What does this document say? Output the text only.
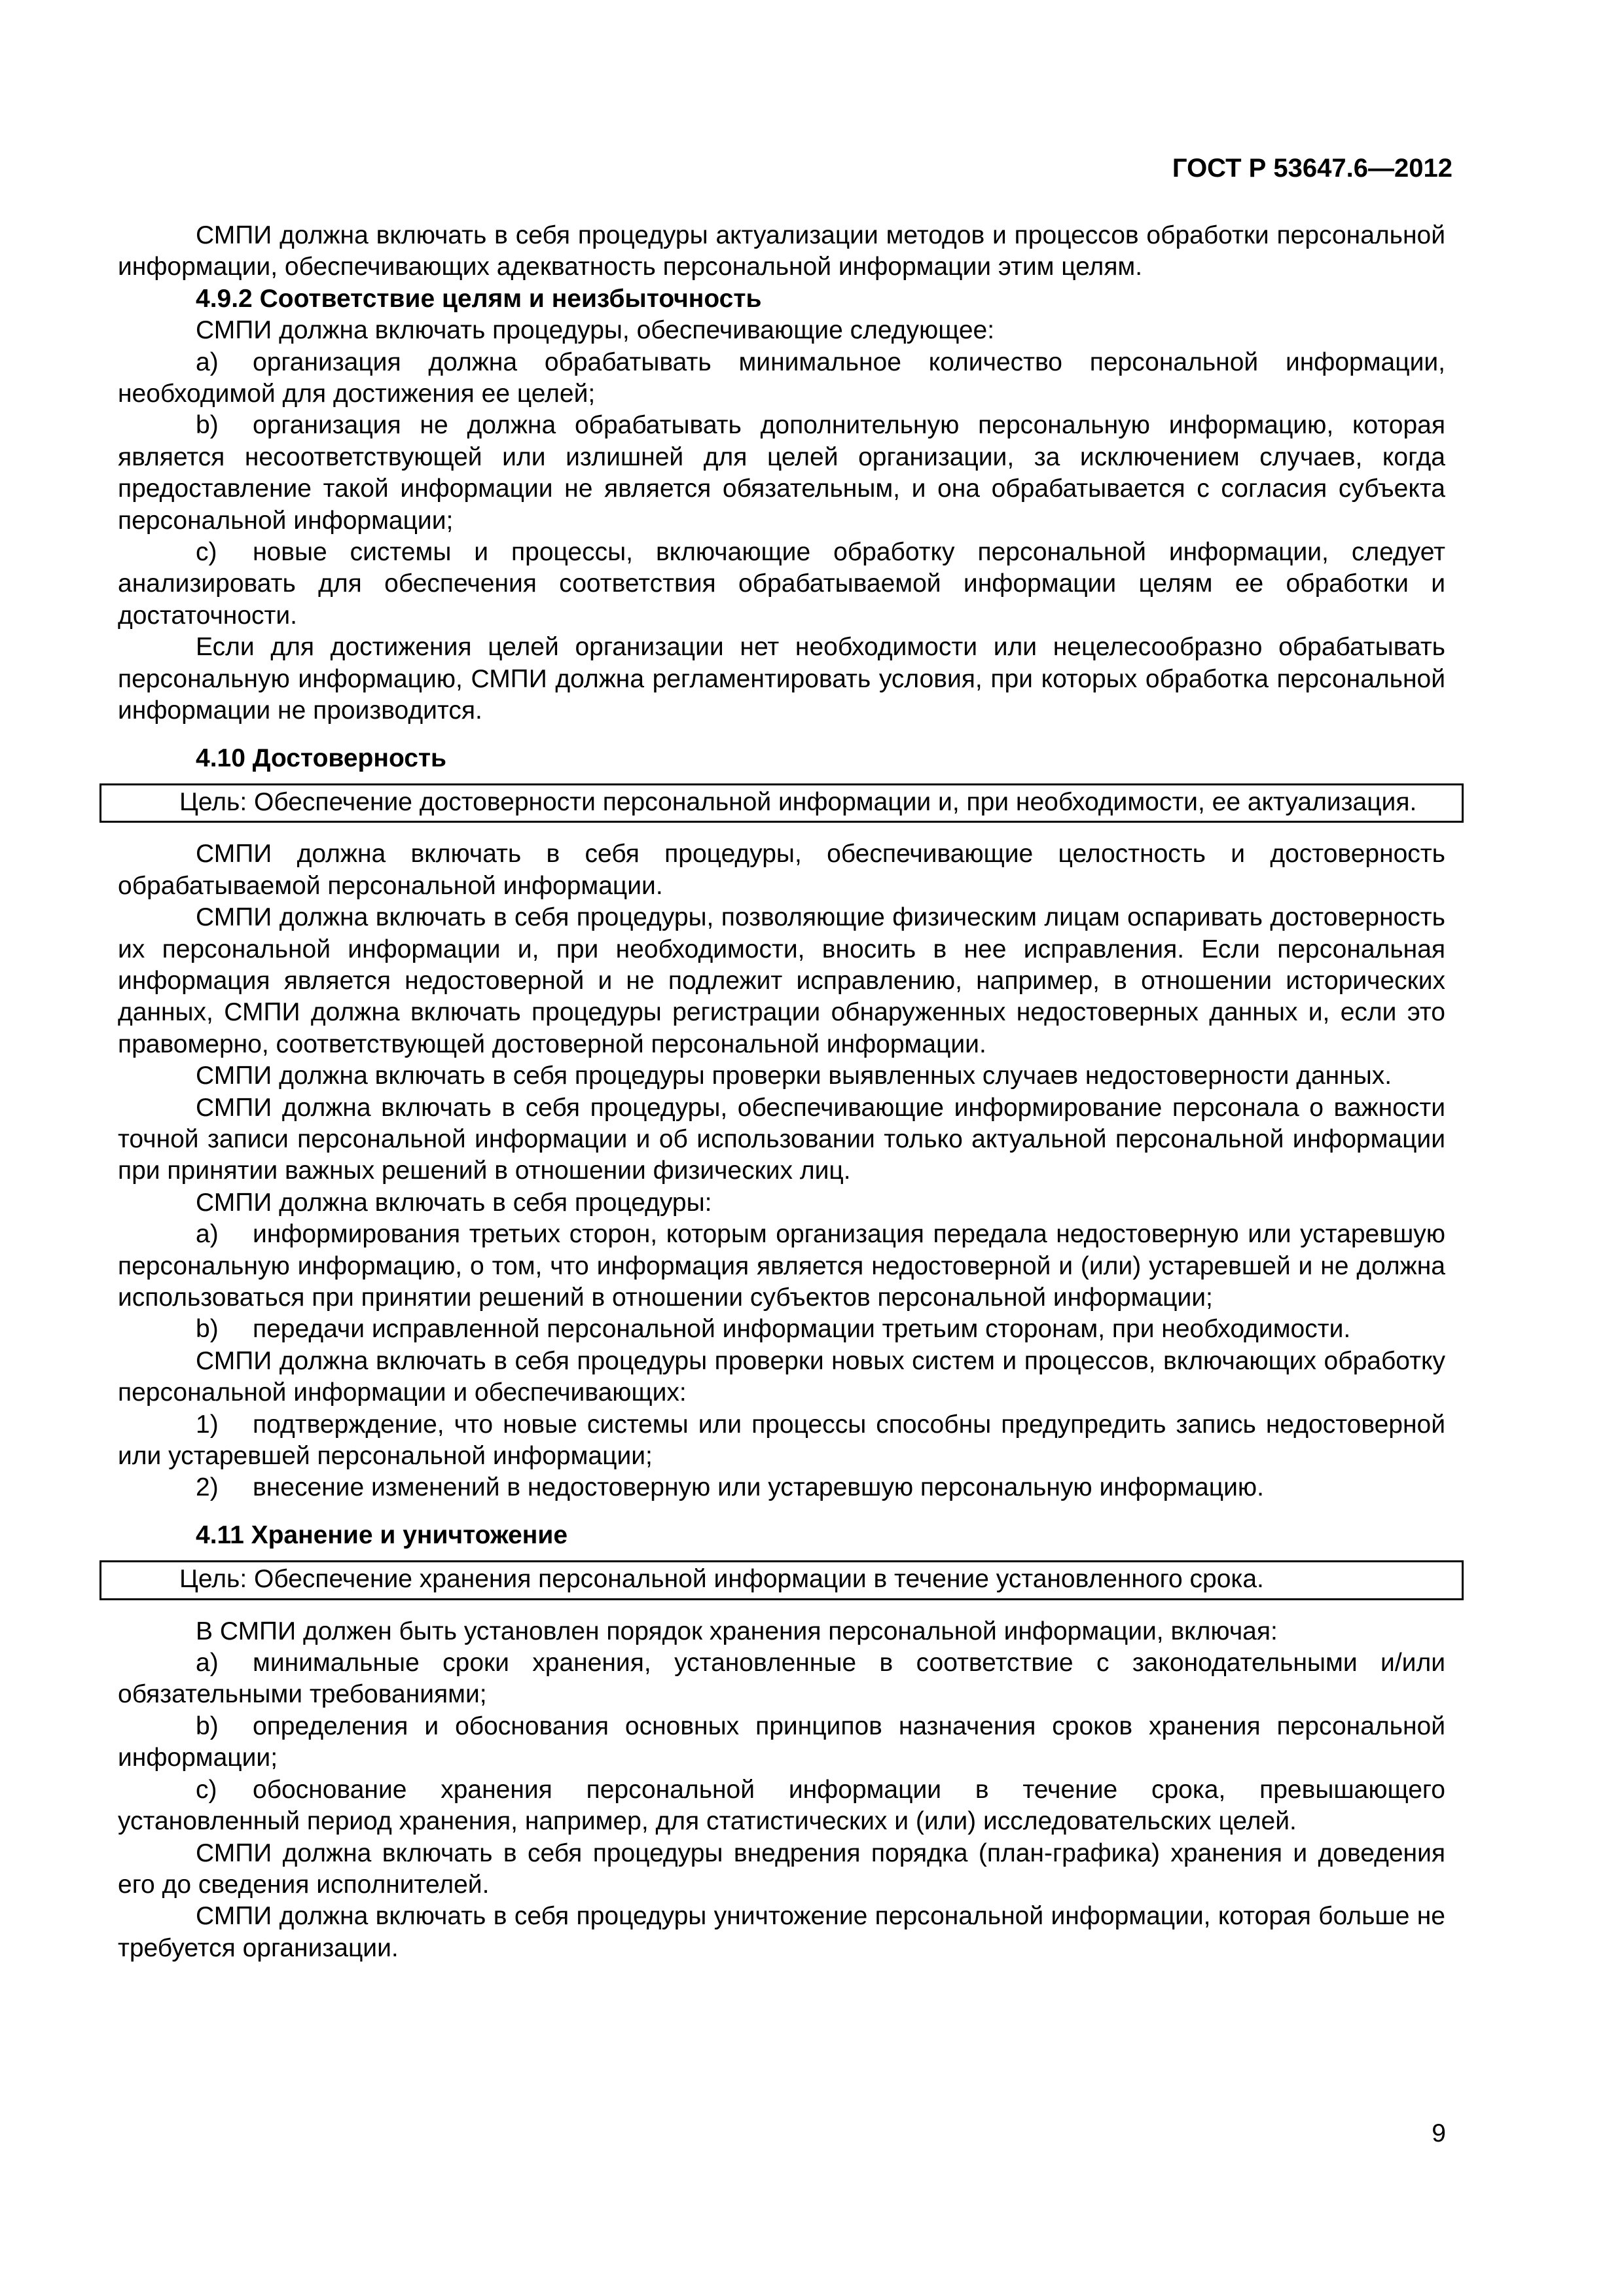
ГОСТ Р 53647.6—2012

СМПИ должна включать в себя процедуры актуализации методов и процессов обработки персональной информации, обеспечивающих адекватность персональной информации этим целям.

4.9.2 Соответствие целям и неизбыточность

СМПИ должна включать процедуры, обеспечивающие следующее:

a) организация должна обрабатывать минимальное количество персональной информации, необходимой для достижения ее целей;

b) организация не должна обрабатывать дополнительную персональную информацию, которая является несоответствующей или излишней для целей организации, за исключением случаев, когда предоставление такой информации не является обязательным, и она обрабатывается с согласия субъекта персональной информации;

c) новые системы и процессы, включающие обработку персональной информации, следует анализировать для обеспечения соответствия обрабатываемой информации целям ее обработки и достаточности.

Если для достижения целей организации нет необходимости или нецелесообразно обрабатывать персональную информацию, СМПИ должна регламентировать условия, при которых обработка персональной информации не производится.

4.10 Достоверность

Цель: Обеспечение достоверности персональной информации и, при необходимости, ее актуализация.

СМПИ должна включать в себя процедуры, обеспечивающие целостность и достоверность обрабатываемой персональной информации.

СМПИ должна включать в себя процедуры, позволяющие физическим лицам оспаривать достоверность их персональной информации и, при необходимости, вносить в нее исправления. Если персональная информация является недостоверной и не подлежит исправлению, например, в отношении исторических данных, СМПИ должна включать процедуры регистрации обнаруженных недостоверных данных и, если это правомерно, соответствующей достоверной персональной информации.

СМПИ должна включать в себя процедуры проверки выявленных случаев недостоверности данных.

СМПИ должна включать в себя процедуры, обеспечивающие информирование персонала о важности точной записи персональной информации и об использовании только актуальной персональной информации при принятии важных решений в отношении физических лиц.

СМПИ должна включать в себя процедуры:

a) информирования третьих сторон, которым организация передала недостоверную или устаревшую персональную информацию, о том, что информация является недостоверной и (или) устаревшей и не должна использоваться при принятии решений в отношении субъектов персональной информации;

b) передачи исправленной персональной информации третьим сторонам, при необходимости.

СМПИ должна включать в себя процедуры проверки новых систем и процессов, включающих обработку персональной информации и обеспечивающих:

1) подтверждение, что новые системы или процессы способны предупредить запись недостоверной или устаревшей персональной информации;

2) внесение изменений в недостоверную или устаревшую персональную информацию.

4.11 Хранение и уничтожение

Цель: Обеспечение хранения персональной информации в течение установленного срока.

В СМПИ должен быть установлен порядок хранения персональной информации, включая:

a) минимальные сроки хранения, установленные в соответствие с законодательными и/или обязательными требованиями;

b) определения и обоснования основных принципов назначения сроков хранения персональной информации;

c) обоснование хранения персональной информации в течение срока, превышающего установленный период хранения, например, для статистических и (или) исследовательских целей.

СМПИ должна включать в себя процедуры внедрения порядка (план-графика) хранения и доведения его до сведения исполнителей.

СМПИ должна включать в себя процедуры уничтожение персональной информации, которая больше не требуется организации.

9
